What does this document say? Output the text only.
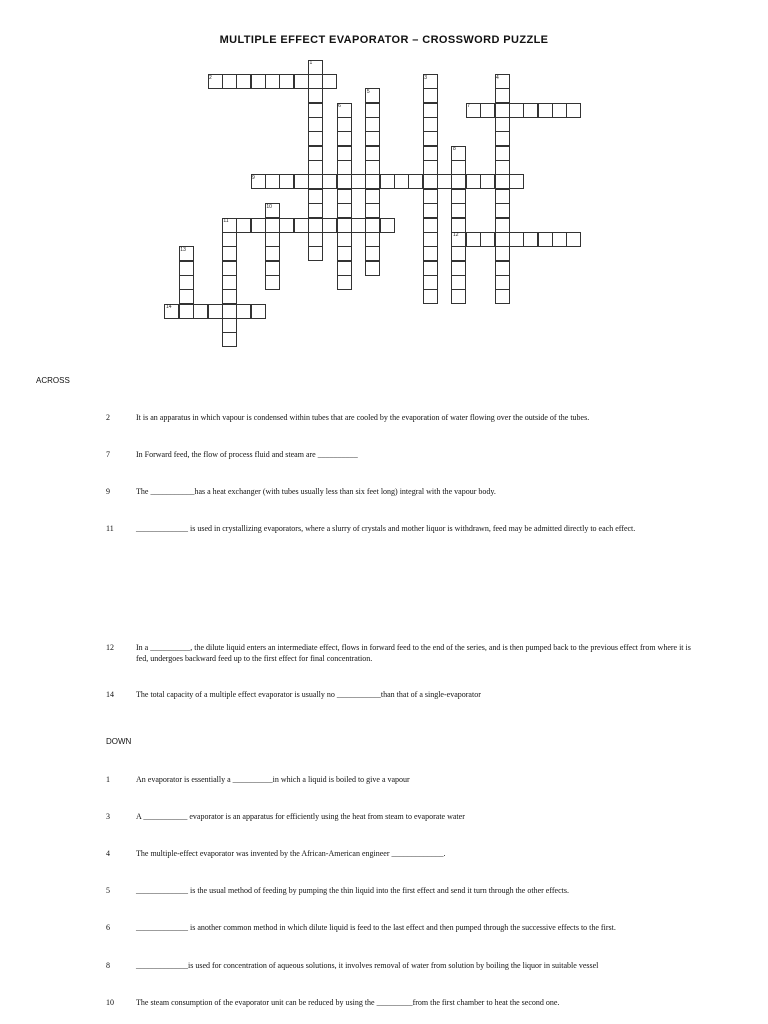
MULTIPLE EFFECT EVAPORATOR – CROSSWORD PUZZLE
2
7
9
11
12
14
1
3	4
5
6
8
10
13
ACROSS
2	It is an apparatus in which vapour is condensed within tubes that are cooled by the evaporation of water flowing over the outside of the tubes.
7	In Forward feed, the flow of process fluid and steam are __________
9	The ___________has a heat exchanger (with tubes usually less than six feet long) integral with the vapour body.
11	_____________ is used in crystallizing evaporators, where a slurry of crystals and mother liquor is withdrawn, feed may be admitted directly to each effect.
12	In a __________, the dilute liquid enters an intermediate effect, flows in forward feed to the end of the series, and is then pumped back to the previous effect from where it is fed, undergoes backward feed up to the first effect for final concentration.
14	The total capacity of a multiple effect evaporator is usually no ___________than that of a single-evaporator
DOWN
1	An evaporator is essentially a __________in which a liquid is boiled to give a vapour
3	A ___________ evaporator is an apparatus for efficiently using the heat from steam to evaporate water
4	The multiple-effect evaporator was invented by the African-American engineer _____________.
5	_____________ is the usual method of feeding by pumping the thin liquid into the first effect and send it turn through the other effects.
6	_____________ is another common method in which dilute liquid is feed to the last effect and then pumped through the successive effects to the first.
8	_____________is used for concentration of aqueous solutions, it involves removal of water from solution by boiling the liquor in suitable vessel
10	The steam consumption of the evaporator unit can be reduced by using the _________from the first chamber to heat the second one.
